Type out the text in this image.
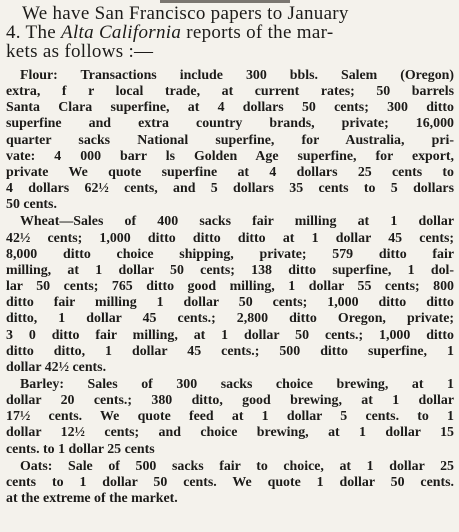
We have San Francisco papers to January
4. The Alta California reports of the mar-
kets as follows :—

Flour: Transactions include 300 bbls. Salem (Oregon)
extra, f r local trade, at current rates; 50 barrels
Santa Clara superfine, at 4 dollars 50 cents; 300 ditto
superfine and extra country brands, private; 16,000
quarter sacks National superfine, for Australia, pri-
vate: 4 000 barr ls Golden Age superfine, for export,
private We quote superfine at 4 dollars 25 cents to
4 dollars 62½ cents, and 5 dollars 35 cents to 5 dollars
50 cents.

Wheat—Sales of 400 sacks fair milling at 1 dollar
42½ cents; 1,000 ditto ditto ditto at 1 dollar 45 cents;
8,000 ditto choice shipping, private; 579 ditto fair
milling, at 1 dollar 50 cents; 138 ditto superfine, 1 dol-
lar 50 cents; 765 ditto good milling, 1 dollar 55 cents; 800
ditto fair milling 1 dollar 50 cents; 1,000 ditto ditto
ditto, 1 dollar 45 cents.; 2,800 ditto Oregon, private;
3 0 ditto fair milling, at 1 dollar 50 cents.; 1,000 ditto
ditto ditto, 1 dollar 45 cents.; 500 ditto superfine, 1
dollar 42½ cents.

Barley: Sales of 300 sacks choice brewing, at 1
dollar 20 cents.; 380 ditto, good brewing, at 1 dollar
17½ cents. We quote feed at 1 dollar 5 cents. to 1
dollar 12½ cents; and choice brewing, at 1 dollar 15
cents. to 1 dollar 25 cents

Oats: Sale of 500 sacks fair to choice, at 1 dollar 25
cents to 1 dollar 50 cents. We quote 1 dollar 50 cents.
at the extreme of the market.
